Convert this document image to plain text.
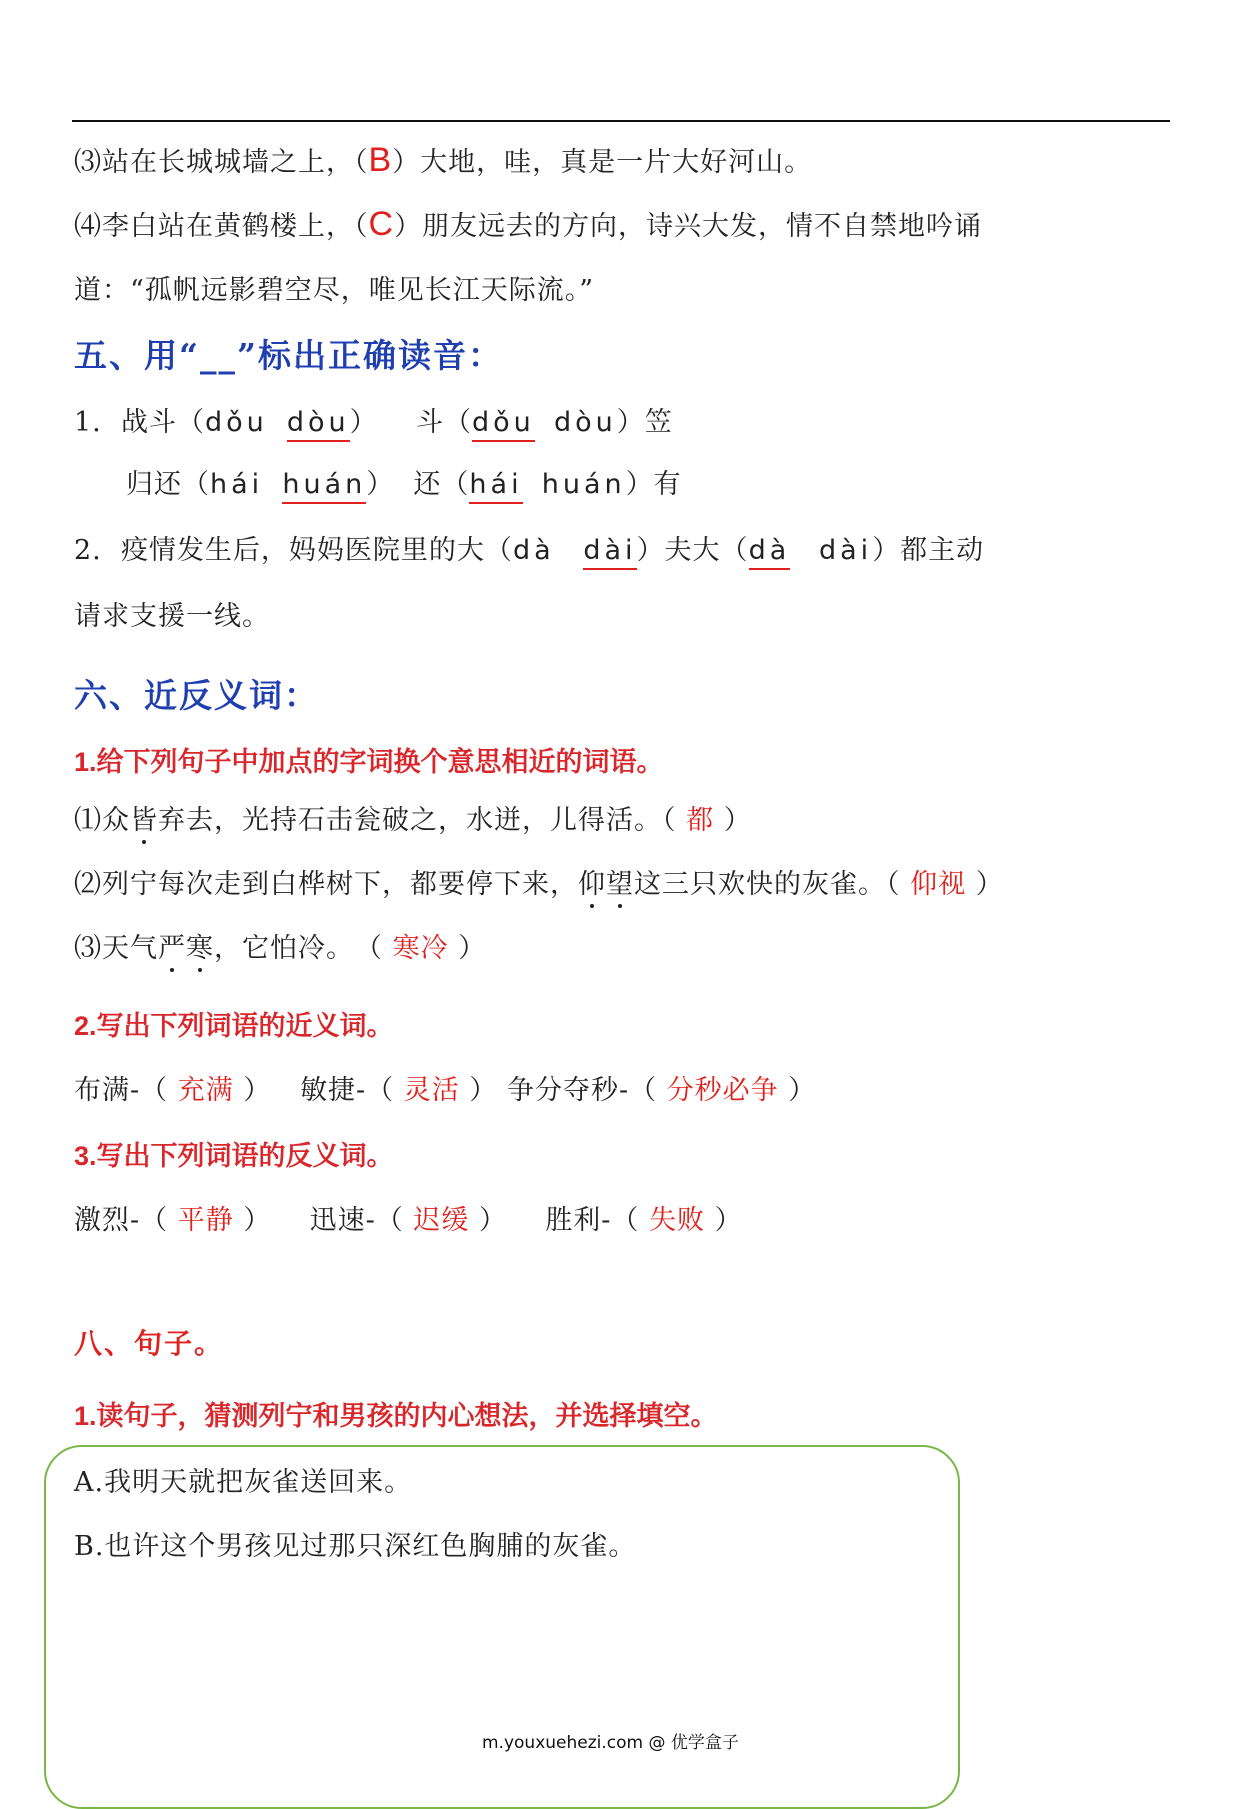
⑶站在长城城墙之上，（B）大地，哇，真是一片大好河山。
⑷李白站在黄鹤楼上，（C）朋友远去的方向，诗兴大发，情不自禁地吟诵
道：“孤帆远影碧空尽，唯见长江天际流。”
五、用“__”标出正确读音：
1. 战斗（dǒu dòu） 斗（dǒu dòu）笠
归还（hái huán） 还（hái huán）有
2. 疫情发生后，妈妈医院里的大（dà dài）夫大（dà dài）都主动
请求支援一线。
六、近反义词：
1.给下列句子中加点的字词换个意思相近的词语。
⑴众皆弃去，光持石击瓮破之，水迸，儿得活。（ 都 ）
⑵列宁每次走到白桦树下，都要停下来，仰望这三只欢快的灰雀。（ 仰视 ）
⑶天气严寒，它怕冷。　（ 寒冷 ）
2.写出下列词语的近义词。
布满-（ 充满 ） 敏捷-（ 灵活 ） 争分夺秒-（ 分秒必争 ）
3.写出下列词语的反义词。
激烈-（ 平静 ） 迅速-（ 迟缓 ） 胜利-（ 失败 ）
八、句子。
1.读句子，猜测列宁和男孩的内心想法，并选择填空。
A.我明天就把灰雀送回来。
B.也许这个男孩见过那只深红色胸脯的灰雀。
m.youxuehezi.com @ 优学盒子
